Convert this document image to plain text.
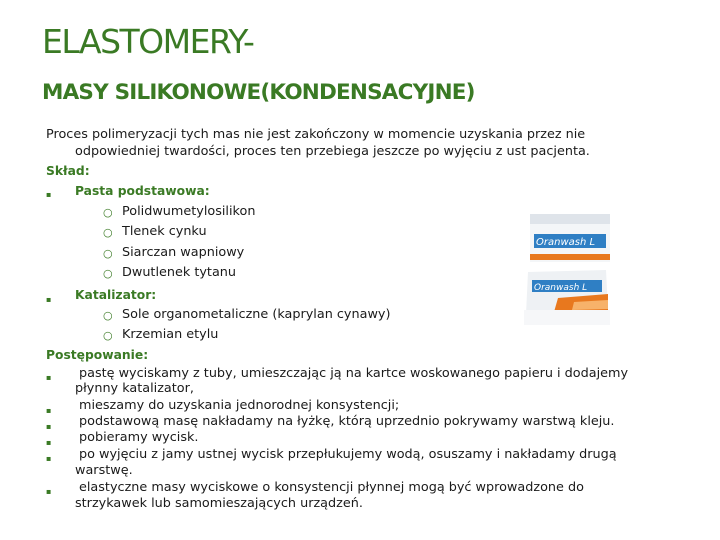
ELASTOMERY-
MASY SILIKONOWE(KONDENSACYJNE)
Proces polimeryzacji tych mas nie jest zakończony w momencie uzyskania przez nie
odpowiedniej twardości, proces ten przebiega jeszcze po wyjęciu z ust pacjenta.
Skład:
▪ Pasta podstawowa:
○ Polidwumetylosilikon
○ Tlenek cynku
○ Siarczan wapniowy
○ Dwutlenek tytanu
▪ Katalizator:
○ Sole organometaliczne (kaprylan cynawy)
○ Krzemian etylu
Postępowanie:
▪ pastę wyciskamy z tuby, umieszczając ją na kartce woskowanego papieru i dodajemy
płynny katalizator,
▪ mieszamy do uzyskania jednorodnej konsystencji;
▪ podstawową masę nakładamy na łyżkę, którą uprzednio pokrywamy warstwą kleju.
▪ pobieramy wycisk.
▪ po wyjęciu z jamy ustnej wycisk przepłukujemy wodą, osuszamy i nakładamy drugą
warstwę.
▪ elastyczne masy wyciskowe o konsystencji płynnej mogą być wprowadzone do
strzykawek lub samomieszających urządzeń.
Oranwash L
Oranwash L
